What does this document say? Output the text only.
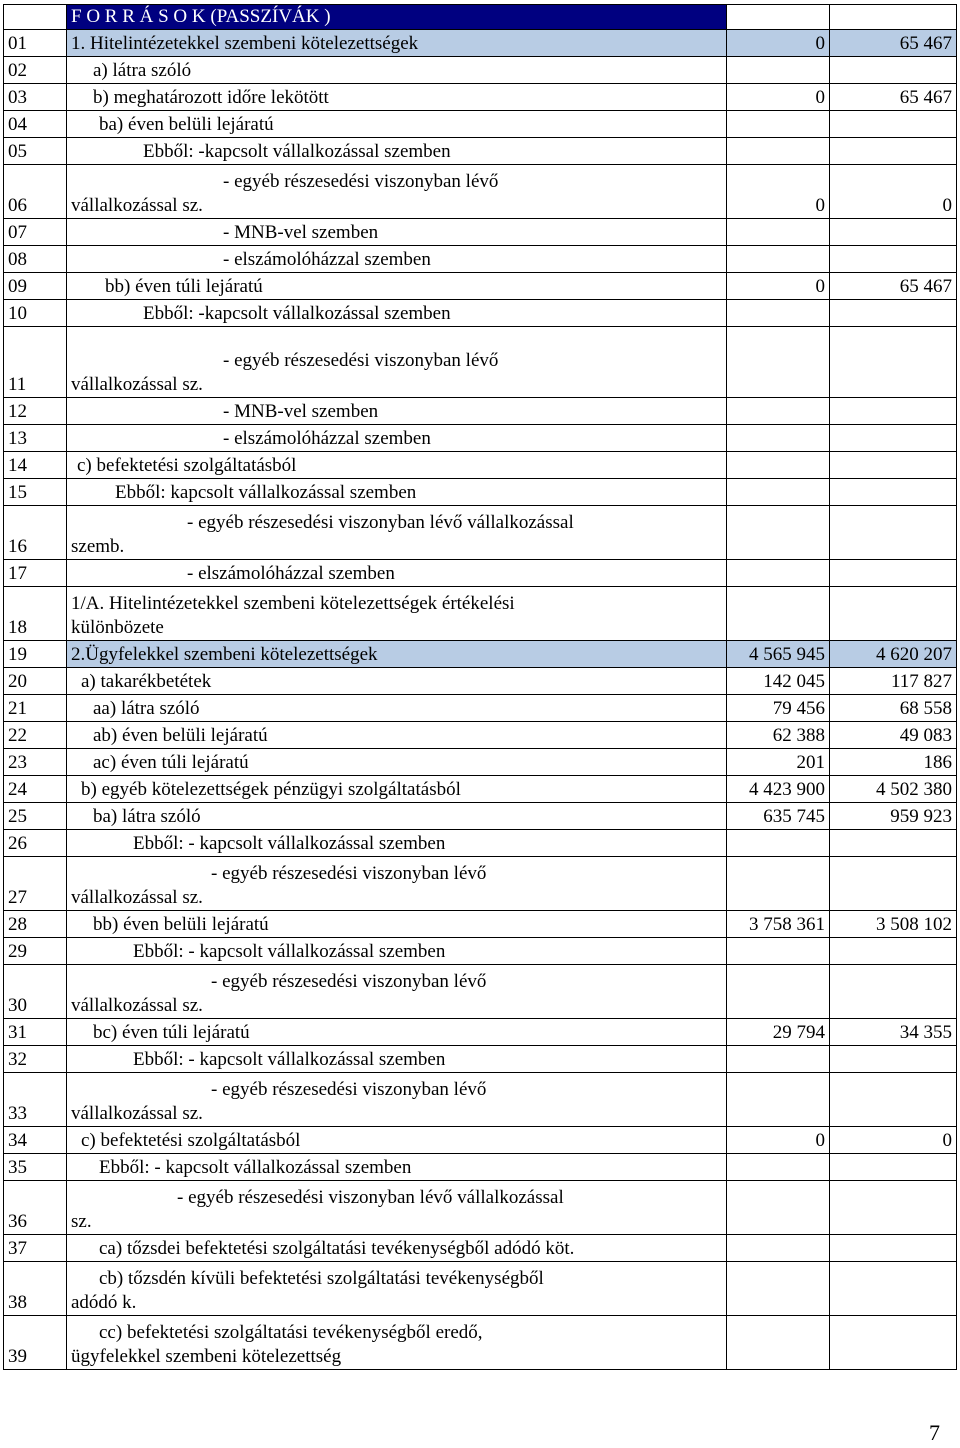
	F O R R Á S O K (PASSZÍVÁK )		
01	1. Hitelintézetekkel szembeni kötelezettségek	0	65 467
02	a) látra szóló		
03	b) meghatározott időre lekötött	0	65 467
04	ba) éven belüli lejáratú		
05	Ebből: -kapcsolt vállalkozással szemben		
06	- egyéb részesedési viszonyban lévő
vállalkozással sz.	0	0
07	- MNB-vel szemben		
08	- elszámolóházzal szemben		
09	bb) éven túli lejáratú	0	65 467
10	Ebből: -kapcsolt vállalkozással szemben		
11	- egyéb részesedési viszonyban lévő
vállalkozással sz.		
12	- MNB-vel szemben		
13	- elszámolóházzal szemben		
14	c) befektetési szolgáltatásból		
15	Ebből: kapcsolt vállalkozással szemben		
16	- egyéb részesedési viszonyban lévő vállalkozással
szemb.		
17	- elszámolóházzal szemben		
18	1/A. Hitelintézetekkel szembeni kötelezettségek értékelési
különbözete		
19	2.Ügyfelekkel szembeni kötelezettségek	4 565 945	4 620 207
20	a) takarékbetétek	142 045	117 827
21	aa) látra szóló	79 456	68 558
22	ab) éven belüli lejáratú	62 388	49 083
23	ac) éven túli lejáratú	201	186
24	b) egyéb kötelezettségek pénzügyi szolgáltatásból	4 423 900	4 502 380
25	ba) látra szóló	635 745	959 923
26	Ebből: - kapcsolt vállalkozással szemben		
27	- egyéb részesedési viszonyban lévő
vállalkozással sz.		
28	bb) éven belüli lejáratú	3 758 361	3 508 102
29	Ebből: - kapcsolt vállalkozással szemben		
30	- egyéb részesedési viszonyban lévő
vállalkozással sz.		
31	bc) éven túli lejáratú	29 794	34 355
32	Ebből: - kapcsolt vállalkozással szemben		
33	- egyéb részesedési viszonyban lévő
vállalkozással sz.		
34	c) befektetési szolgáltatásból	0	0
35	Ebből: - kapcsolt vállalkozással szemben		
36	- egyéb részesedési viszonyban lévő vállalkozással
sz.		
37	ca) tőzsdei befektetési szolgáltatási tevékenységből adódó köt.		
38	cb) tőzsdén kívüli befektetési szolgáltatási tevékenységből
adódó k.		
39	cc) befektetési szolgáltatási tevékenységből eredő,
ügyfelekkel szembeni kötelezettség		
7
